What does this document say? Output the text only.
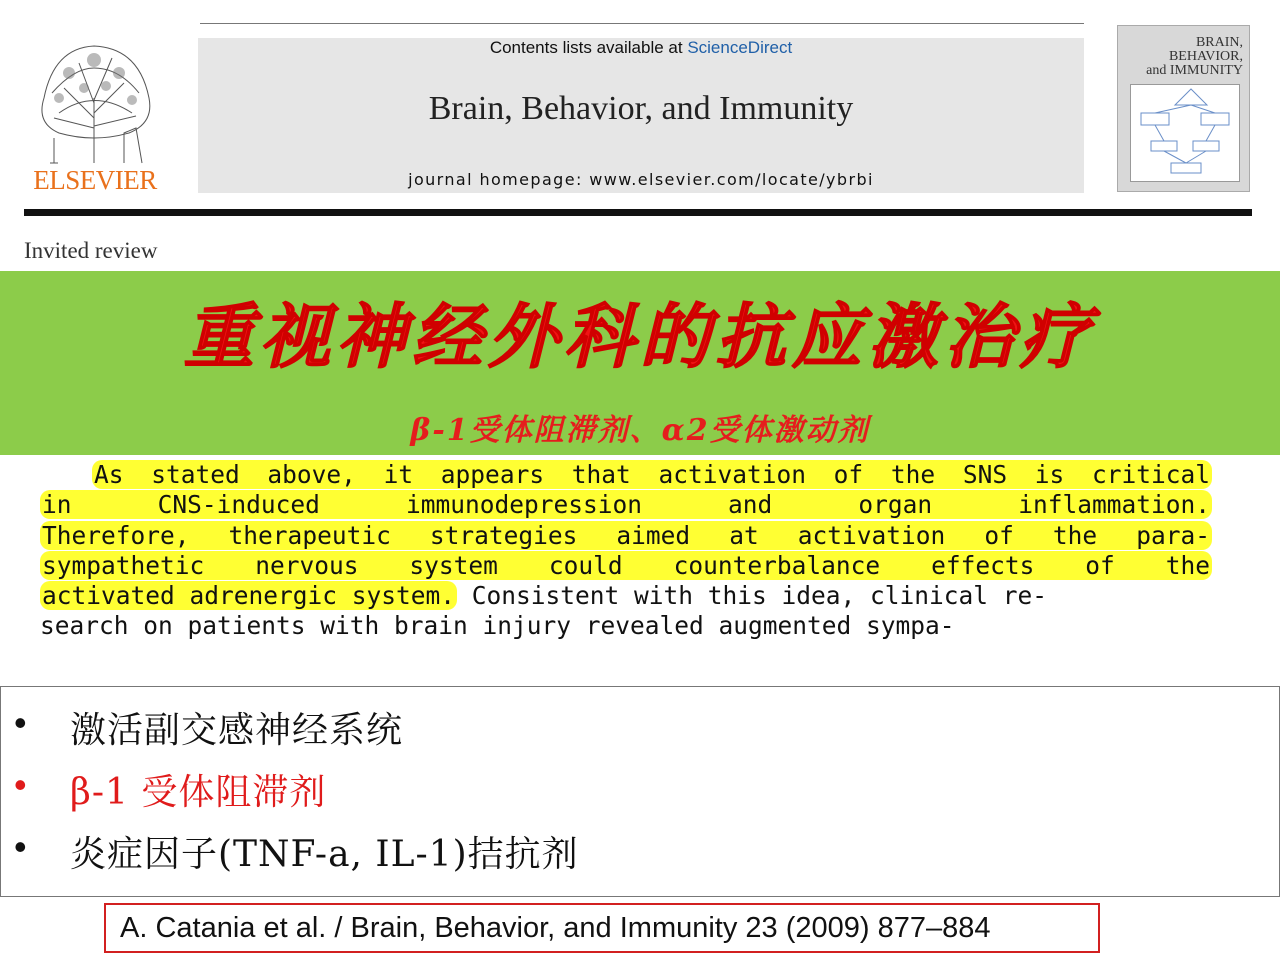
ELSEVIER
Contents lists available at ScienceDirect
Brain, Behavior, and Immunity
journal homepage: www.elsevier.com/locate/ybrbi
BRAIN,
BEHAVIOR,
and IMMUNITY
Invited review
重视神经外科的抗应激治疗
β-1受体阻滞剂、α2受体激动剂
As stated above, it appears that activation of the SNS is critical
in CNS-induced immunodepression and organ inflammation.
Therefore, therapeutic strategies aimed at activation of the para-
sympathetic nervous system could counterbalance effects of the
activated adrenergic system. Consistent with this idea, clinical re-
search on patients with brain injury revealed augmented sympa-
• 激活副交感神经系统
• β-1 受体阻滞剂
• 炎症因子(TNF-a, IL-1)拮抗剂
A. Catania et al. / Brain, Behavior, and Immunity 23 (2009) 877–884
